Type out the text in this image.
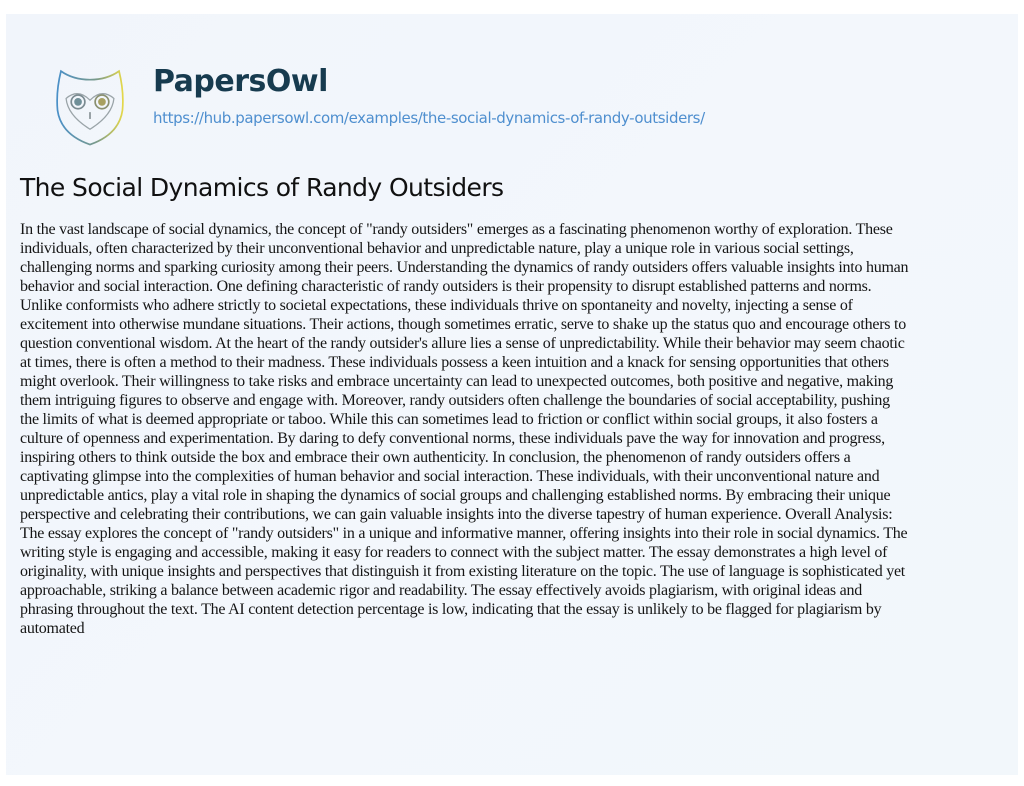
PapersOwl
https://hub.papersowl.com/examples/the-social-dynamics-of-randy-outsiders/
The Social Dynamics of Randy Outsiders
In the vast landscape of social dynamics, the concept of "randy outsiders" emerges as a fascinating phenomenon worthy of exploration. These
individuals, often characterized by their unconventional behavior and unpredictable nature, play a unique role in various social settings,
challenging norms and sparking curiosity among their peers. Understanding the dynamics of randy outsiders offers valuable insights into human
behavior and social interaction. One defining characteristic of randy outsiders is their propensity to disrupt established patterns and norms.
Unlike conformists who adhere strictly to societal expectations, these individuals thrive on spontaneity and novelty, injecting a sense of
excitement into otherwise mundane situations. Their actions, though sometimes erratic, serve to shake up the status quo and encourage others to
question conventional wisdom. At the heart of the randy outsider's allure lies a sense of unpredictability. While their behavior may seem chaotic
at times, there is often a method to their madness. These individuals possess a keen intuition and a knack for sensing opportunities that others
might overlook. Their willingness to take risks and embrace uncertainty can lead to unexpected outcomes, both positive and negative, making
them intriguing figures to observe and engage with. Moreover, randy outsiders often challenge the boundaries of social acceptability, pushing
the limits of what is deemed appropriate or taboo. While this can sometimes lead to friction or conflict within social groups, it also fosters a
culture of openness and experimentation. By daring to defy conventional norms, these individuals pave the way for innovation and progress,
inspiring others to think outside the box and embrace their own authenticity. In conclusion, the phenomenon of randy outsiders offers a
captivating glimpse into the complexities of human behavior and social interaction. These individuals, with their unconventional nature and
unpredictable antics, play a vital role in shaping the dynamics of social groups and challenging established norms. By embracing their unique
perspective and celebrating their contributions, we can gain valuable insights into the diverse tapestry of human experience. Overall Analysis:
The essay explores the concept of "randy outsiders" in a unique and informative manner, offering insights into their role in social dynamics. The
writing style is engaging and accessible, making it easy for readers to connect with the subject matter. The essay demonstrates a high level of
originality, with unique insights and perspectives that distinguish it from existing literature on the topic. The use of language is sophisticated yet
approachable, striking a balance between academic rigor and readability. The essay effectively avoids plagiarism, with original ideas and
phrasing throughout the text. The AI content detection percentage is low, indicating that the essay is unlikely to be flagged for plagiarism by
automated
